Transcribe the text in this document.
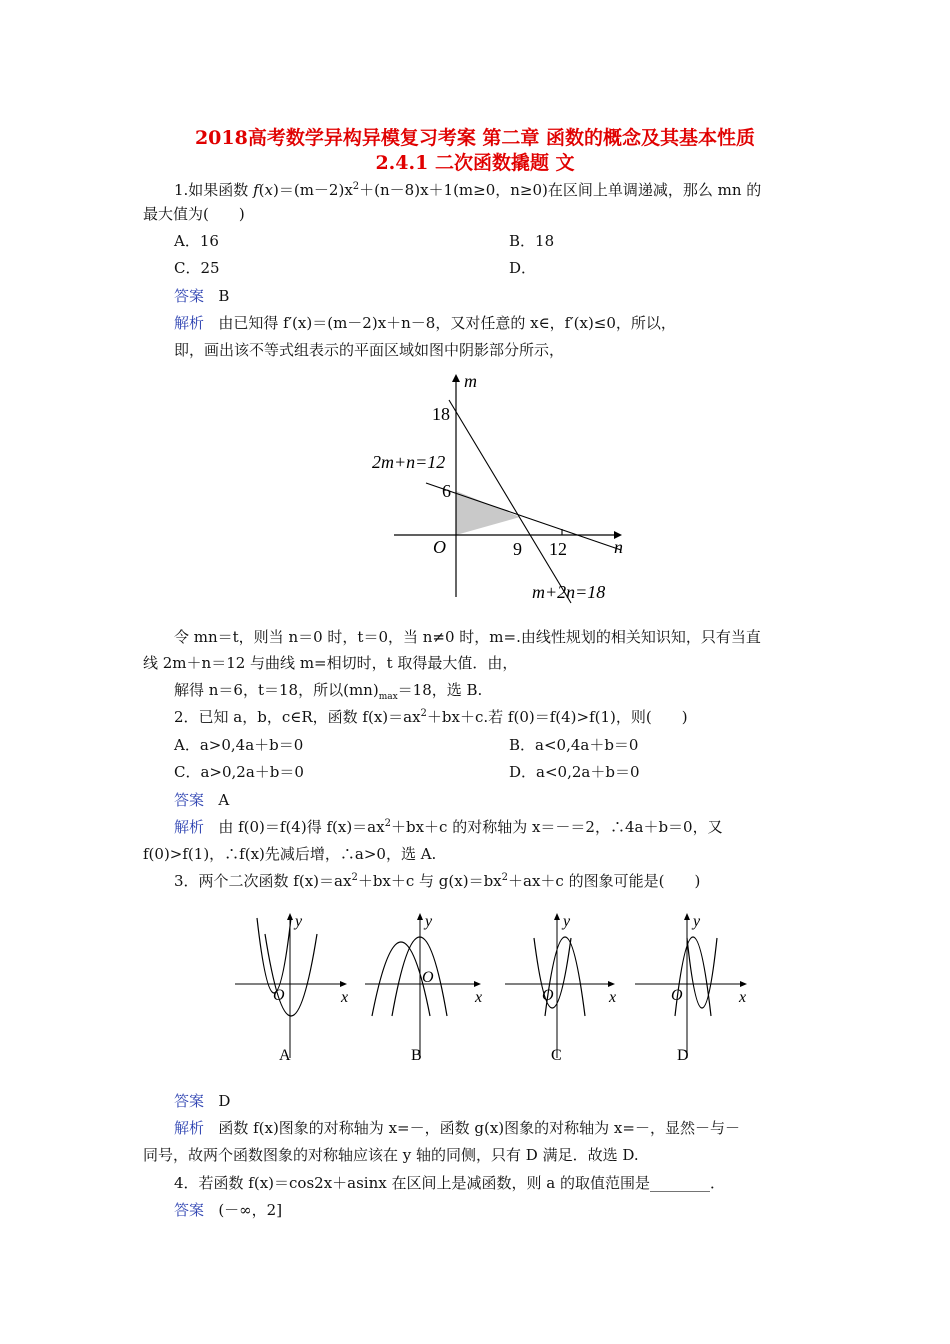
2018高考数学异构异模复习考案 第二章 函数的概念及其基本性质
2.4.1 二次函数撬题 文
1.如果函数 $f(x)=(m-2)x^2+(n-8)x+1(m\ge 0$，n≥0)在区间上单调递减，那么 mn 的
最大值为(　　)
A．16	B．18
C．25	D．
答案 B
解析 由已知得 f′(x)＝(m－2)x＋n－8，又对任意的 x∈，f′(x)≤0，所以，
即，画出该不等式组表示的平面区域如图中阴影部分所示，
m
n
O
18
6
9 12
2m+n=12
m+2n=18
令 mn＝t，则当 n＝0 时，t＝0，当 n≠0 时，m=.由线性规划的相关知识知，只有当直
线 2m＋n＝12 与曲线 m=相切时，t 取得最大值．由，
解得 n＝6，t＝18，所以$(mn)_{max}=18$，选 B.
2．已知 a，b，c∈R，函数 $f(x)=ax^2+bx+c$.若 f(0)＝f(4)>f(1)，则(　　)
A．a>0,4a＋b＝0	B．a<0,4a＋b＝0
C．a>0,2a＋b＝0	D．a<0,2a＋b＝0
答案 A
解析 由 f(0)＝f(4)得 $f(x)=ax^2+bx+c$ 的对称轴为 x＝－＝2，∴4a＋b＝0，又
f(0)>f(1)，∴f(x)先减后增，∴a>0，选 A.
3．两个二次函数 $f(x)=ax^2+bx+c$ 与 $g(x)=bx^2+ax+c$ 的图象可能是(　　)
y
x
O
A
y
x
O
B
y
x
O
C
y
x
O
D
答案 D
解析 函数 f(x)图象的对称轴为 x=－，函数 g(x)图象的对称轴为 x=－，显然－与－
同号，故两个函数图象的对称轴应该在 y 轴的同侧，只有 D 满足．故选 D.
4．若函数 f(x)＝cos2x＋asinx 在区间上是减函数，则 a 的取值范围是________．
答案 (－∞，2]
